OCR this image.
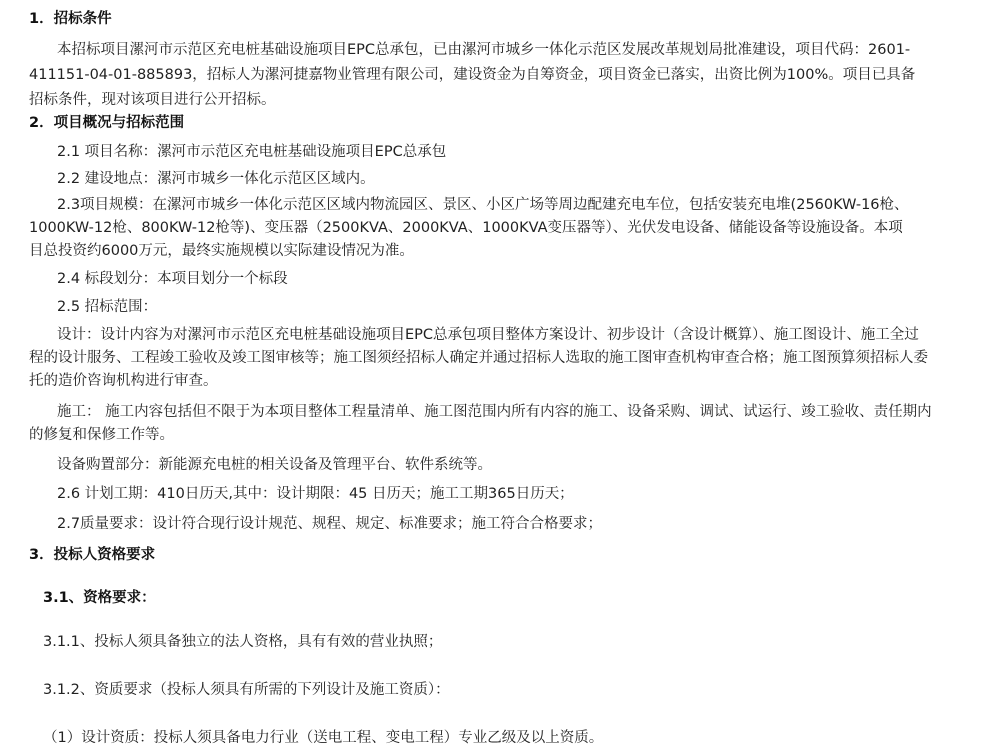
1．招标条件
本招标项目漯河市示范区充电桩基础设施项目EPC总承包，已由漯河市城乡一体化示范区发展改革规划局批准建设，项目代码：2601-
411151-04-01-885893，招标人为漯河捷嘉物业管理有限公司，建设资金为自筹资金，项目资金已落实，出资比例为100%。项目已具备
招标条件，现对该项目进行公开招标。
2．项目概况与招标范围
2.1 项目名称：漯河市示范区充电桩基础设施项目EPC总承包
2.2 建设地点：漯河市城乡一体化示范区区域内。
2.3项目规模：在漯河市城乡一体化示范区区域内物流园区、景区、小区广场等周边配建充电车位，包括安装充电堆(2560KW-16枪、
1000KW-12枪、800KW-12枪等)、变压器（2500KVA、2000KVA、1000KVA变压器等）、光伏发电设备、储能设备等设施设备。本项
目总投资约6000万元，最终实施规模以实际建设情况为准。
2.4 标段划分：本项目划分一个标段
2.5 招标范围：
设计：设计内容为对漯河市示范区充电桩基础设施项目EPC总承包项目整体方案设计、初步设计（含设计概算）、施工图设计、施工全过
程的设计服务、工程竣工验收及竣工图审核等；施工图须经招标人确定并通过招标人选取的施工图审查机构审查合格；施工图预算须招标人委
托的造价咨询机构进行审查。
施工： 施工内容包括但不限于为本项目整体工程量清单、施工图范围内所有内容的施工、设备采购、调试、试运行、竣工验收、责任期内
的修复和保修工作等。
设备购置部分：新能源充电桩的相关设备及管理平台、软件系统等。
2.6 计划工期：410日历天,其中：设计期限：45 日历天；施工工期365日历天；
2.7质量要求：设计符合现行设计规范、规程、规定、标准要求；施工符合合格要求；
3．投标人资格要求
3.1、资格要求：
3.1.1、投标人须具备独立的法人资格，具有有效的营业执照；
3.1.2、资质要求（投标人须具有所需的下列设计及施工资质）：
（1）设计资质：投标人须具备电力行业（送电工程、变电工程）专业乙级及以上资质。
